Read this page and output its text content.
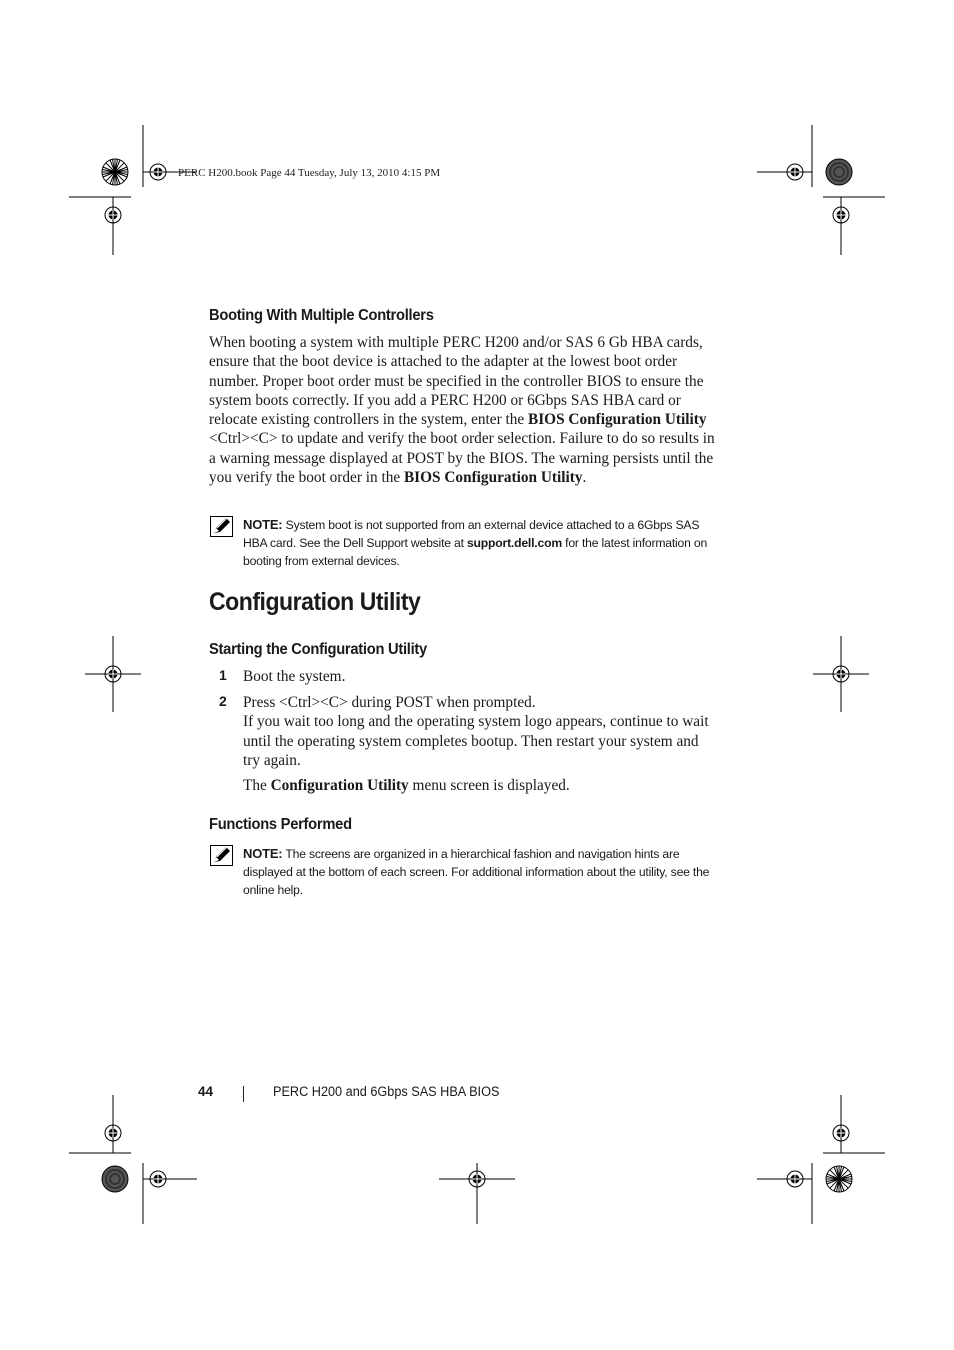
PERC H200.book Page 44 Tuesday, July 13, 2010 4:15 PM
Booting With Multiple Controllers

When booting a system with multiple PERC H200 and/or SAS 6 Gb HBA cards, ensure that the boot device is attached to the adapter at the lowest boot order number. Proper boot order must be specified in the controller BIOS to ensure the system boots correctly. If you add a PERC H200 or 6Gbps SAS HBA card or relocate existing controllers in the system, enter the BIOS Configuration Utility <Ctrl><C> to update and verify the boot order selection. Failure to do so results in a warning message displayed at POST by the BIOS. The warning persists until the you verify the boot order in the BIOS Configuration Utility.

NOTE: System boot is not supported from an external device attached to a 6Gbps SAS HBA card. See the Dell Support website at support.dell.com for the latest information on booting from external devices.

Configuration Utility
Starting the Configuration Utility
1 Boot the system.

2 Press <Ctrl><C> during POST when prompted.
If you wait too long and the operating system logo appears, continue to wait until the operating system completes bootup. Then restart your system and try again.

The Configuration Utility menu screen is displayed.

Functions Performed

NOTE: The screens are organized in a hierarchical fashion and navigation hints are displayed at the bottom of each screen. For additional information about the utility, see the online help.

44	PERC H200 and 6Gbps SAS HBA BIOS
